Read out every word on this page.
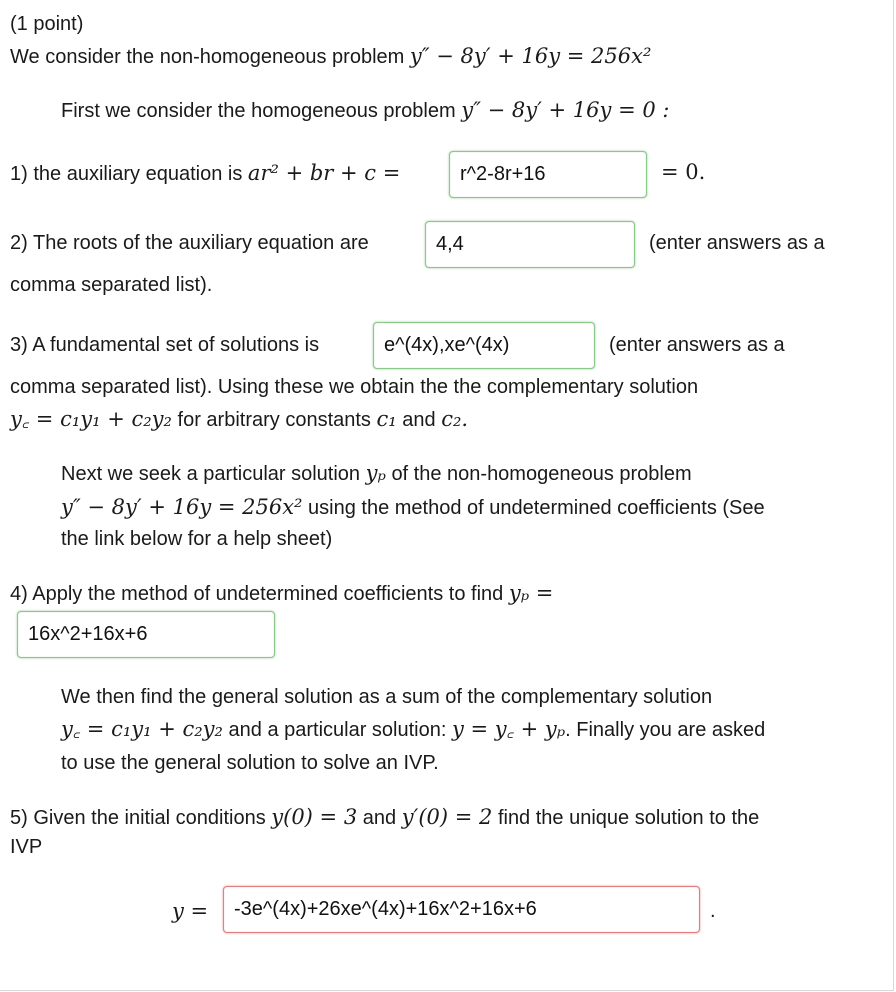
(1 point)
We consider the non-homogeneous problem y″ − 8y′ + 16y = 256x²
First we consider the homogeneous problem y″ − 8y′ + 16y = 0 :
1) the auxiliary equation is ar² + br + c =	r^2-8r+16	= 0.
2) The roots of the auxiliary equation are	4,4	(enter answers as a
comma separated list).
3) A fundamental set of solutions is	e^(4x),xe^(4x)	(enter answers as a
comma separated list). Using these we obtain the the complementary solution
y꜀ = c₁y₁ + c₂y₂ for arbitrary constants c₁ and c₂.
Next we seek a particular solution yₚ of the non-homogeneous problem
y″ − 8y′ + 16y = 256x² using the method of undetermined coefficients (See
the link below for a help sheet)
4) Apply the method of undetermined coefficients to find yₚ =
16x^2+16x+6
We then find the general solution as a sum of the complementary solution
y꜀ = c₁y₁ + c₂y₂ and a particular solution: y = y꜀ + yₚ. Finally you are asked
to use the general solution to solve an IVP.
5) Given the initial conditions y(0) = 3 and y′(0) = 2 find the unique solution to the
IVP
y =	-3e^(4x)+26xe^(4x)+16x^2+16x+6	.
